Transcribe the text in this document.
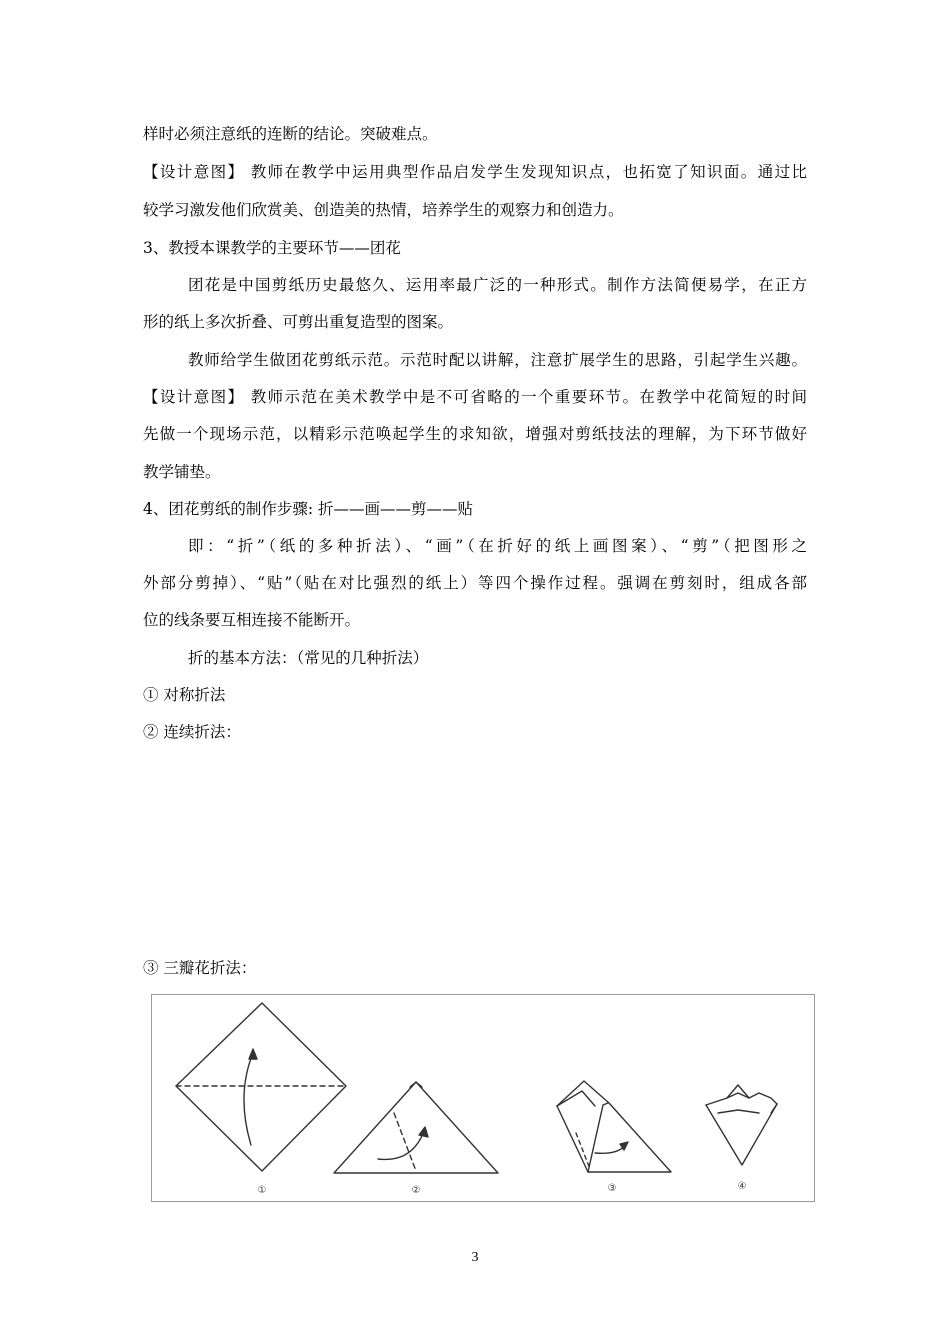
样时必须注意纸的连断的结论。突破难点。
【设计意图】 教师在教学中运用典型作品启发学生发现知识点，也拓宽了知识面。通过比
较学习激发他们欣赏美、创造美的热情，培养学生的观察力和创造力。
3、教授本课教学的主要环节——团花
团花是中国剪纸历史最悠久、运用率最广泛的一种形式。制作方法简便易学，在正方
形的纸上多次折叠、可剪出重复造型的图案。
教师给学生做团花剪纸示范。示范时配以讲解，注意扩展学生的思路，引起学生兴趣。
【设计意图】 教师示范在美术教学中是不可省略的一个重要环节。在教学中花简短的时间
先做一个现场示范，以精彩示范唤起学生的求知欲，增强对剪纸技法的理解，为下环节做好
教学铺垫。
4、团花剪纸的制作步骤: 折——画——剪——贴
即：“折”（纸的多种折法）、“画”（在折好的纸上画图案）、“剪”（把图形之
外部分剪掉）、“贴”（贴在对比强烈的纸上）等四个操作过程。强调在剪刻时，组成各部
位的线条要互相连接不能断开。
折的基本方法：（常见的几种折法）
① 对称折法
② 连续折法：
③ 三瓣花折法：
①	②	③	④
3
